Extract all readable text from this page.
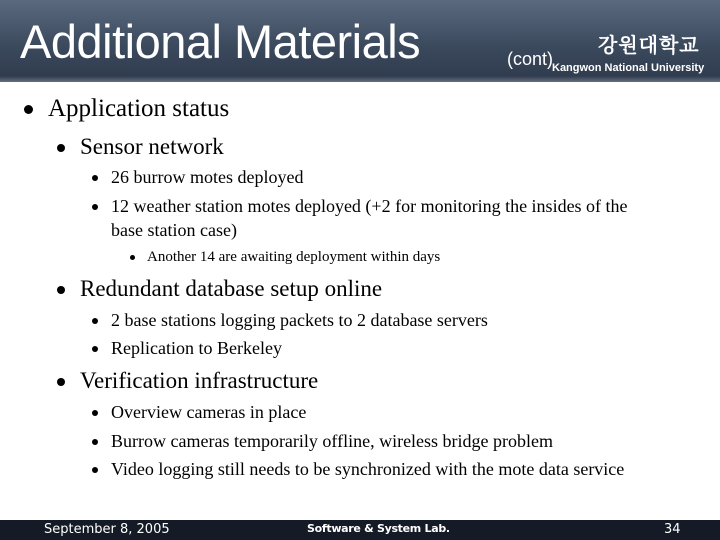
Additional Materials	(cont)
강원대학교
Kangwon National University
Application status
Sensor network
26 burrow motes deployed
12 weather station motes deployed (+2 for monitoring the insides of the
base station case)
Another 14 are awaiting deployment within days
Redundant database setup online
2 base stations logging packets to 2 database servers
Replication to Berkeley
Verification infrastructure
Overview cameras in place
Burrow cameras temporarily offline, wireless bridge problem
Video logging still needs to be synchronized with the mote data service
September 8, 2005	Software & System Lab.	34
